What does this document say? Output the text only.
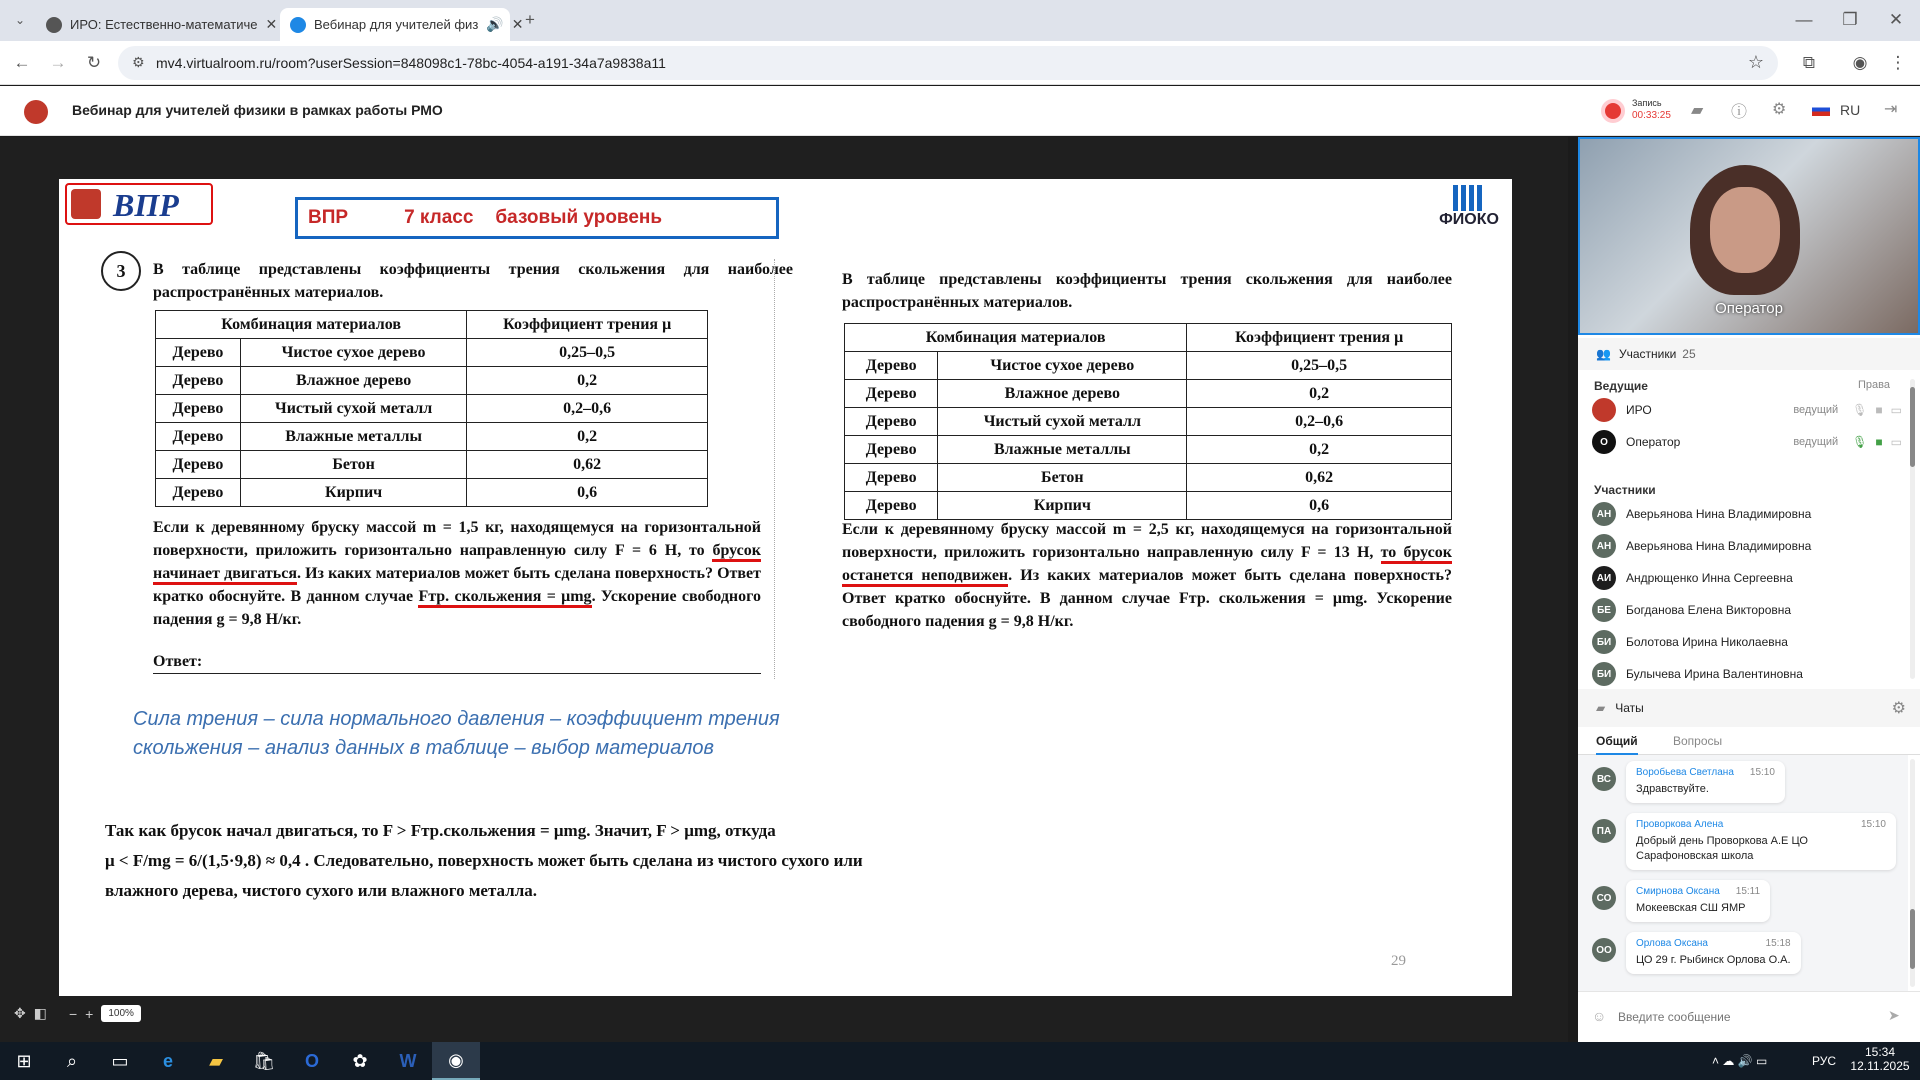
⌄	ИРО: Естественно-математиче ✕	Вебинар для учителей физ 🔊 ✕ +	— ❐ ✕
← → ↻	⚙ mv4.virtualroom.ru/room?userSession=848098c1-78bc-4054-a191-34a7a9838a11	☆	⧉	◉ ⋮
Вебинар для учителей физики в рамках работы РМО	Запись
00:33:25 ▰ ⓘ ⚙	RU ⇥
ВПР	ВПР	7 класс базовый уровень	ФИОКО
3	В таблице представлены коэффициенты трения скольжения для наиболее распространённых материалов.
Комбинация материалов		Коэффициент трения μ
Дерево	Чистое сухое дерево	0,25–0,5
Дерево	Влажное дерево	0,2
Дерево	Чистый сухой металл	0,2–0,6
Дерево	Влажные металлы	0,2
Дерево	Бетон	0,62
Дерево	Кирпич	0,6
Если к деревянному бруску массой m = 1,5 кг, находящемуся на горизонтальной поверхности, приложить горизонтально направленную силу F = 6 Н, то брусок начинает двигаться. Из каких материалов может быть сделана поверхность? Ответ кратко обоснуйте. В данном случае Fтр. скольжения = μmg. Ускорение свободного падения g = 9,8 Н/кг.
Ответ:
В таблице представлены коэффициенты трения скольжения для наиболее распространённых материалов.
Комбинация материалов		Коэффициент трения μ
Дерево	Чистое сухое дерево	0,25–0,5
Дерево	Влажное дерево	0,2
Дерево	Чистый сухой металл	0,2–0,6
Дерево	Влажные металлы	0,2
Дерево	Бетон	0,62
Дерево	Кирпич	0,6
Если к деревянному бруску массой m = 2,5 кг, находящемуся на горизонтальной поверхности, приложить горизонтально направленную силу F = 13 Н, то брусок останется неподвижен. Из каких материалов может быть сделана поверхность? Ответ кратко обоснуйте. В данном случае Fтр. скольжения = μmg. Ускорение свободного падения g = 9,8 Н/кг.
Сила трения – сила нормального давления – коэффициент трения скольжения – анализ данных в таблице – выбор материалов
Так как брусок начал двигаться, то F > Fтр.скольжения = μmg. Значит, F > μmg, откуда
μ < F/mg = 6/(1,5·9,8) ≈ 0,4 . Следовательно, поверхность может быть сделана из чистого сухого или
влажного дерева, чистого сухого или влажного металла.
29
✥ ◧ − +	100%
Оператор
👥 Участники 25
Ведущие	Права
ИРО	ведущий 🎙 ■ ▭
О	Оператор	ведущий 🎙 ■ ▭
Участники
АН	Аверьянова Нина Владимировна
АН	Аверьянова Нина Владимировна
АИ	Андрющенко Инна Сергеевна
БЕ	Богданова Елена Викторовна
БИ	Болотова Ирина Николаевна
БИ	Булычева Ирина Валентиновна
▰ Чаты	⚙
Общий	Вопросы
ВС
Воробьева Светлана 15:10
Здравствуйте.
ПА
Проворкова Алена	15:10
Добрый день Проворкова А.Е ЦО Сарафоновская школа
СО
Смирнова Оксана 15:11
Мокеевская СШ ЯМР
ОО
Орлова Оксана	15:18
ЦО 29 г. Рыбинск Орлова О.А.
☺
Введите сообщение	➤
⊞	⌕	▭	e	▰	🛍	O	✿	W	◉	˄ ☁ 🔊 ▭	РУС
15:34
12.11.2025
